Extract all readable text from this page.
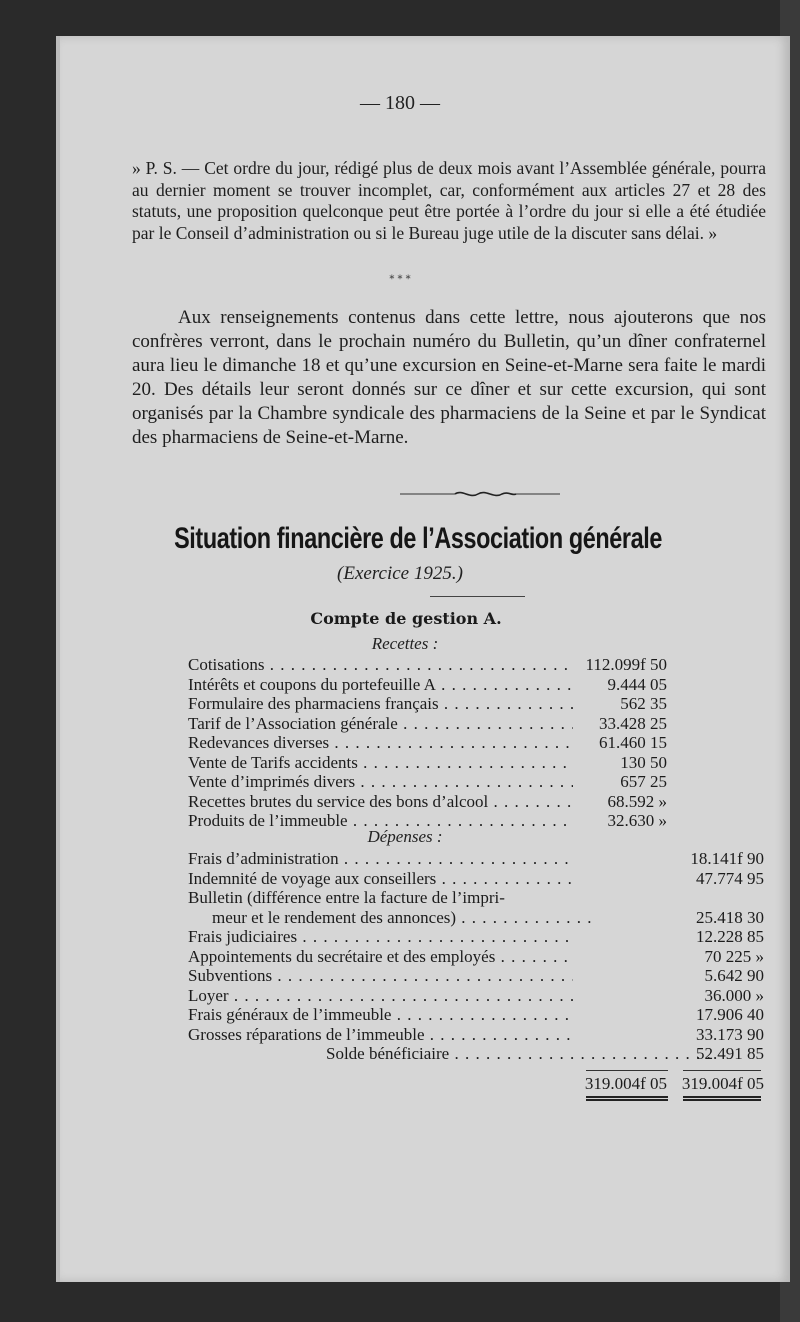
— 180 —
» P. S. — Cet ordre du jour, rédigé plus de deux mois avant l’Assemblée générale, pourra au dernier moment se trouver incomplet, car, conformément aux articles 27 et 28 des statuts, une proposition quelconque peut être portée à l’ordre du jour si elle a été étudiée par le Conseil d’administration ou si le Bureau juge utile de la discuter sans délai. »
* * *
Aux renseignements contenus dans cette lettre, nous ajouterons que nos confrères verront, dans le prochain numéro du Bulletin, qu’un dîner confraternel aura lieu le dimanche 18 et qu’une excursion en Seine-et-Marne sera faite le mardi 20. Des détails leur seront donnés sur ce dîner et sur cette excursion, qui sont organisés par la Chambre syndicale des pharmaciens de la Seine et par le Syndicat des pharmaciens de Seine-et-Marne.
Situation financière de l’Association générale
(Exercice 1925.)
Compte de gestion A.
Recettes :
Cotisations . . .	112.099f 50
Intérêts et coupons du portefeuille A . . .	9.444 05
Formulaire des pharmaciens français . . .	562 35
Tarif de l’Association générale . . .	33.428 25
Redevances diverses . . .	61.460 15
Vente de Tarifs accidents . . .	130 50
Vente d’imprimés divers . . .	657 25
Recettes brutes du service des bons d’alcool . . .	68.592 »
Produits de l’immeuble . . .	32.630 »
Dépenses :
Frais d’administration . . .	18.141f 90
Indemnité de voyage aux conseillers . . .	47.774 95
Bulletin (différence entre la facture de l’impri-
meur et le rendement des annonces) . . .	25.418 30
Frais judiciaires . . .	12.228 85
Appointements du secrétaire et des employés . . .	70 225 »
Subventions . . .	5.642 90
Loyer . . .	36.000 »
Frais généraux de l’immeuble . . .	17.906 40
Grosses réparations de l’immeuble . . .	33.173 90
Solde bénéficiaire . . .	52.491 85
319.004f 05 319.004f 05
